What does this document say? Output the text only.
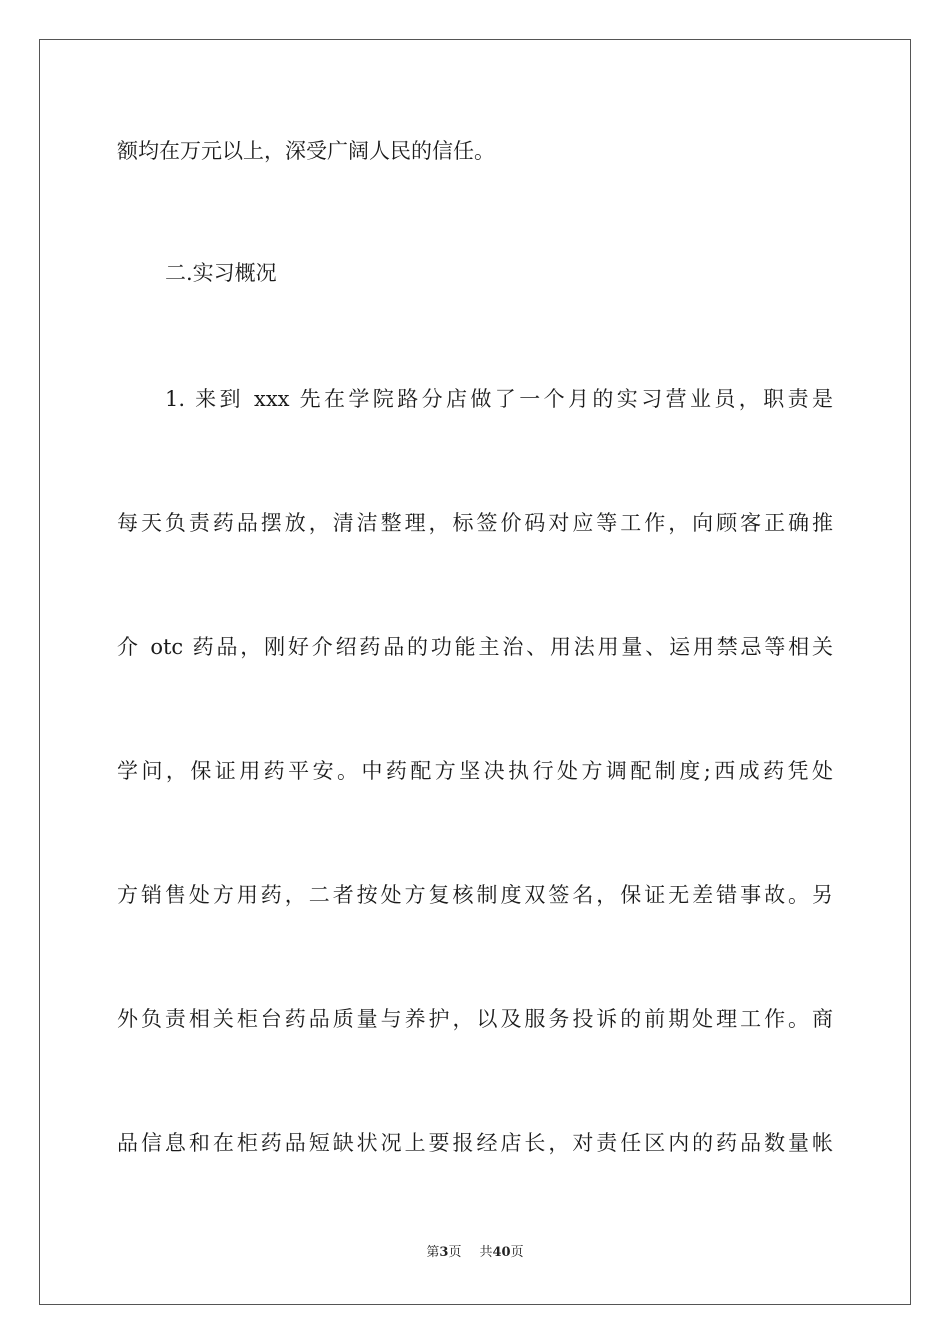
额均在万元以上，深受广阔人民的信任。
二.实习概况
1. 来到 xxx 先在学院路分店做了一个月的实习营业员，职责是
每天负责药品摆放，清洁整理，标签价码对应等工作，向顾客正确推
介 otc 药品，刚好介绍药品的功能主治、用法用量、运用禁忌等相关
学问，保证用药平安。中药配方坚决执行处方调配制度;西成药凭处
方销售处方用药，二者按处方复核制度双签名，保证无差错事故。另
外负责相关柜台药品质量与养护，以及服务投诉的前期处理工作。商
品信息和在柜药品短缺状况上要报经店长，对责任区内的药品数量帐
第3页 共40页
